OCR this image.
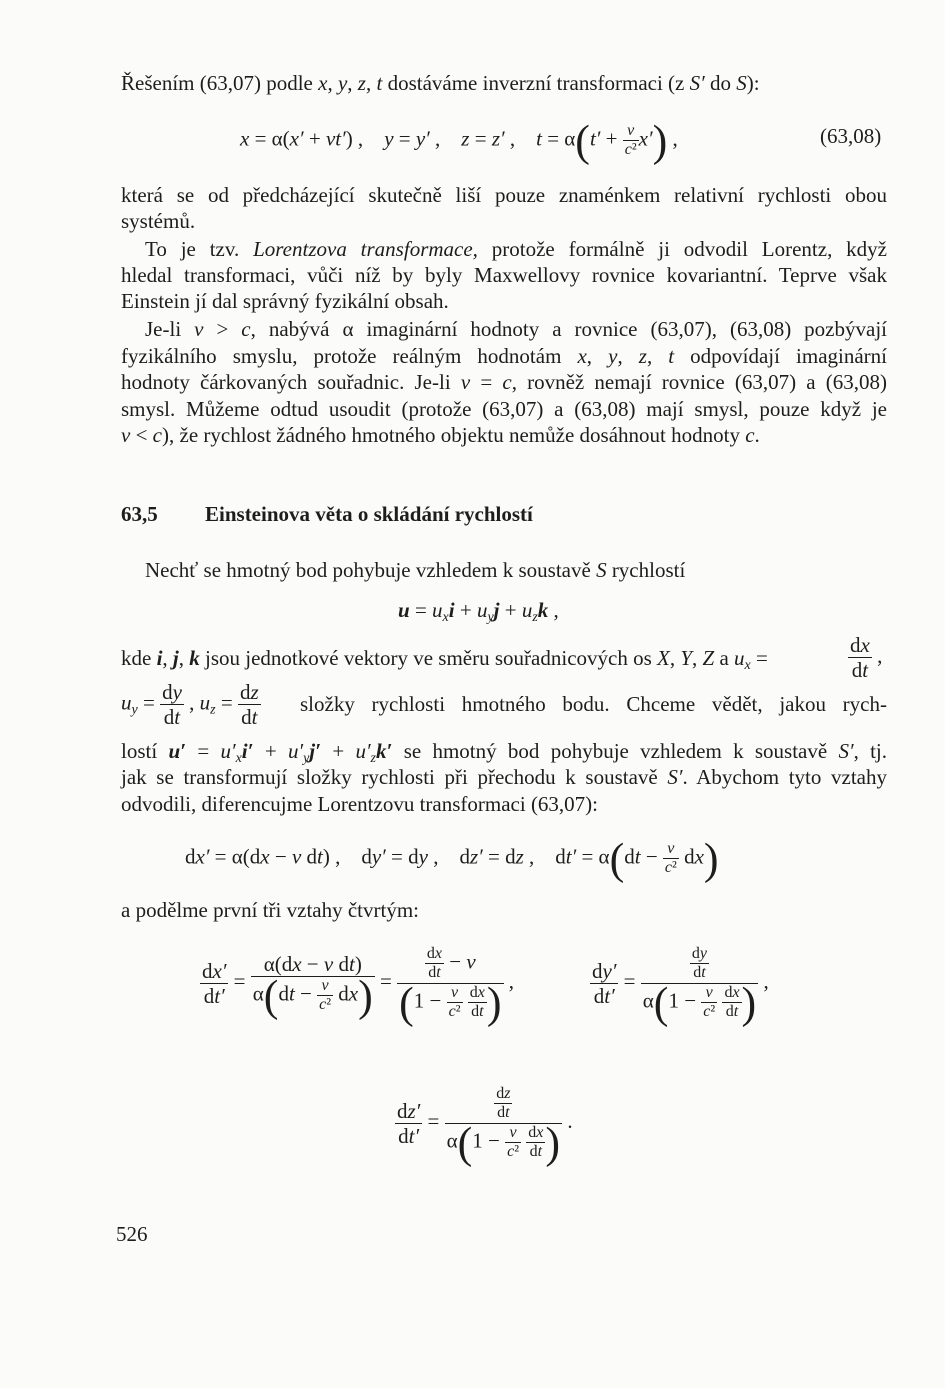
Řešením (63,07) podle x, y, z, t dostáváme inverzní transformaci (z S′ do S):
x = α(x′ + vt′) ,    y = y′ ,    z = z′ ,    $t = \alpha(t' + \frac{v}{\text{c²}} x')$ ,	(63,08)
která se od předcházející skutečně liší pouze znaménkem relativní rychlosti obou
systémů.
To je tzv. Lorentzova transformace, protože formálně ji odvodil Lorentz, když
hledal transformaci, vůči níž by byly Maxwellovy rovnice kovariantní. Teprve však
Einstein jí dal správný fyzikální obsah.
Je-li v > c, nabývá α imaginární hodnoty a rovnice (63,07), (63,08) pozbývají
fyzikálního smyslu, protože reálným hodnotám x, y, z, t odpovídají imaginární
hodnoty čárkovaných souřadnic. Je-li v = c, rovněž nemají rovnice (63,07) a (63,08)
smysl. Můžeme odtud usoudit (protože (63,07) a (63,08) mají smysl, pouze když je
v < c), že rychlost žádného hmotného objektu nemůže dosáhnout hodnoty c.
63,5 Einsteinova věta o skládání rychlostí
Nechť se hmotný bod pohybuje vzhledem k soustavě S rychlostí
$u = u_xi + u_yj + u_zk$ ,
kde i, j, k jsou jednotkové vektory ve směru souřadnicových os X, Y, Z a $u_x$ =	$\frac{dx}{dt}$ ,
$u_y = \frac{dy}{dt}$ , $u_z = \frac{dz}{dt}$ složky rychlosti hmotného bodu. Chceme vědět, jakou rych-
lostí $u' = u'_xi' + u'_yj' + u'_zk'$ se hmotný bod pohybuje vzhledem k soustavě S′, tj.
jak se transformují složky rychlosti při přechodu k soustavě S′. Abychom tyto vztahy
odvodili, diferencujme Lorentzovu transformaci (63,07):
dx′ = α(dx − v dt) ,    dy′ = dy ,    dz′ = dz ,    $dt' = \alpha(dt - \frac{v}{\text{c²}} dx)$
a podělme první tři vztahy čtvrtým:
$\frac{dx'}{dt'} = \frac{\text{α(dx − v dt)}}{\alpha(dt - \frac{v}{\text{c²}} dx)} = \frac{dx}{dt} - v$
($1 - \frac{v}{\text{c²}}$
$\frac{dx}{dt}$ ) ,	$\frac{dy'}{dt'} = \frac{dy}{dt}$
$\alpha(1 - \frac{v}{\text{c²}}$
$\frac{dx}{dt}$ ) ,
$\frac{dz'}{dt'} = \frac{dz}{dt}$
$\alpha(1 - \frac{v}{\text{c²}}$
$\frac{dx}{dt}$ ) .
526
